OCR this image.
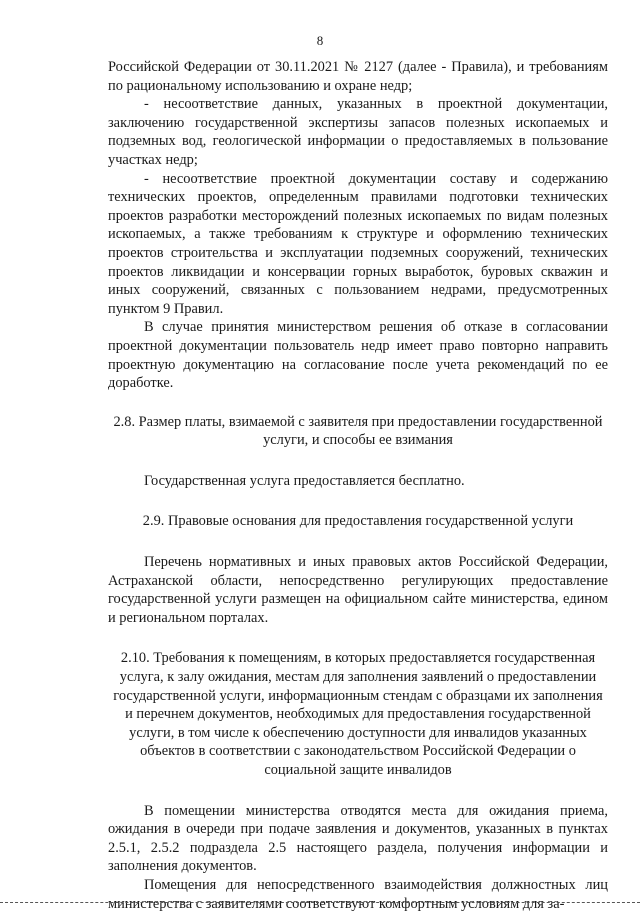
8

Российской Федерации от 30.11.2021 № 2127 (далее - Правила), и требованиям по рациональному использованию и охране недр;

- несоответствие данных, указанных в проектной документации, заключению государственной экспертизы запасов полезных ископаемых и подземных вод, геологической информации о предоставляемых в пользование участках недр;

- несоответствие проектной документации составу и содержанию технических проектов, определенным правилами подготовки технических проектов разработки месторождений полезных ископаемых по видам полезных ископаемых, а также требованиям к структуре и оформлению технических проектов строительства и эксплуатации подземных сооружений, технических проектов ликвидации и консервации горных выработок, буровых скважин и иных сооружений, связанных с пользованием недрами, предусмотренных пунктом 9 Правил.

В случае принятия министерством решения об отказе в согласовании проектной документации пользователь недр имеет право повторно направить проектную документацию на согласование после учета рекомендаций по ее доработке.

2.8. Размер платы, взимаемой с заявителя при предоставлении государственной услуги, и способы ее взимания

Государственная услуга предоставляется бесплатно.

2.9. Правовые основания для предоставления государственной услуги

Перечень нормативных и иных правовых актов Российской Федерации, Астраханской области, непосредственно регулирующих предоставление государственной услуги размещен на официальном сайте министерства, едином и региональном порталах.

2.10. Требования к помещениям, в которых предоставляется государственная услуга, к залу ожидания, местам для заполнения заявлений о предоставлении государственной услуги, информационным стендам с образцами их заполнения и перечнем документов, необходимых для предоставления государственной услуги, в том числе к обеспечению доступности для инвалидов указанных объектов в соответствии с законодательством Российской Федерации о социальной защите инвалидов

В помещении министерства отводятся места для ожидания приема, ожидания в очереди при подаче заявления и документов, указанных в пунктах 2.5.1, 2.5.2 подраздела 2.5 настоящего раздела, получения информации и заполнения документов.

Помещения для непосредственного взаимодействия должностных лиц министерства с заявителями соответствуют комфортным условиям для за-
